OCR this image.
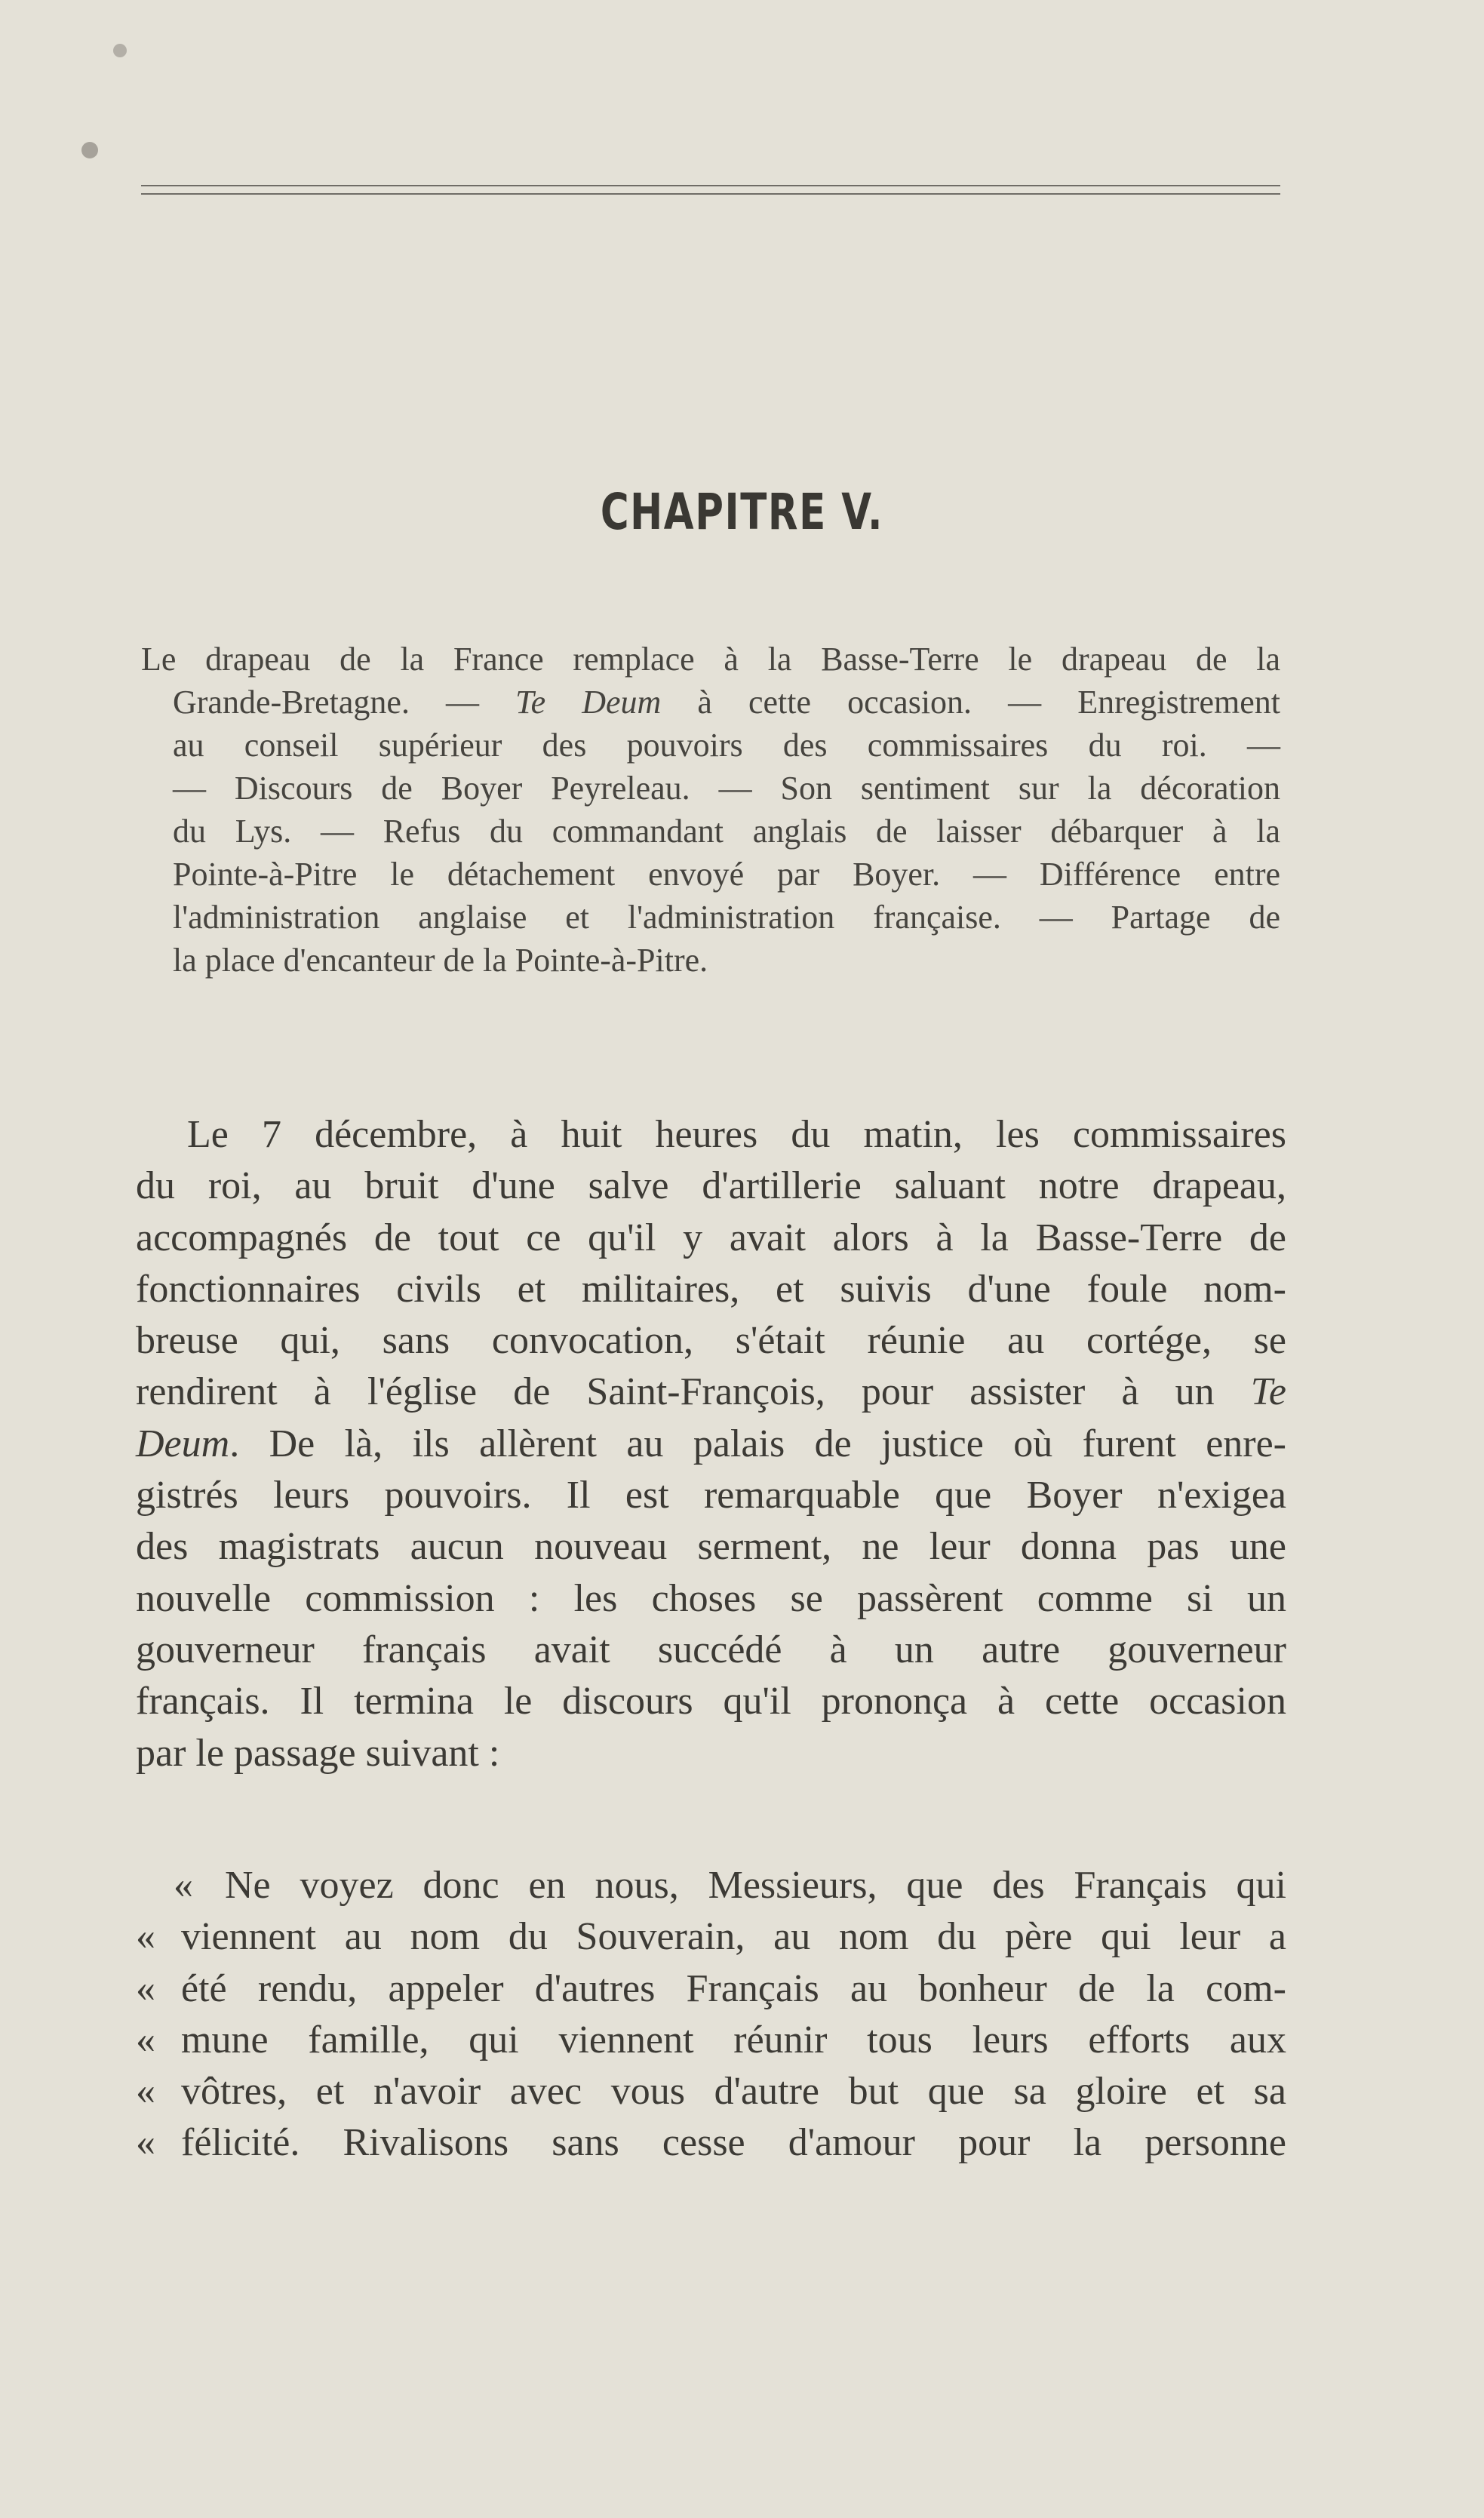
CHAPITRE V.
Le drapeau de la France remplace à la Basse-Terre le drapeau de la
Grande-Bretagne. — Te Deum à cette occasion. — Enregistrement
au conseil supérieur des pouvoirs des commissaires du roi. —
— Discours de Boyer Peyreleau. — Son sentiment sur la décoration
du Lys. — Refus du commandant anglais de laisser débarquer à la
Pointe-à-Pitre le détachement envoyé par Boyer. — Différence entre
l'administration anglaise et l'administration française. — Partage de
la place d'encanteur de la Pointe-à-Pitre.
Le 7 décembre, à huit heures du matin, les commissaires
du roi, au bruit d'une salve d'artillerie saluant notre drapeau,
accompagnés de tout ce qu'il y avait alors à la Basse-Terre de
fonctionnaires civils et militaires, et suivis d'une foule nom-
breuse qui, sans convocation, s'était réunie au cortége, se
rendirent à l'église de Saint-François, pour assister à un Te
Deum. De là, ils allèrent au palais de justice où furent enre-
gistrés leurs pouvoirs. Il est remarquable que Boyer n'exigea
des magistrats aucun nouveau serment, ne leur donna pas une
nouvelle commission : les choses se passèrent comme si un
gouverneur français avait succédé à un autre gouverneur
français. Il termina le discours qu'il prononça à cette occasion
par le passage suivant :
« Ne voyez donc en nous, Messieurs, que des Français qui
« viennent au nom du Souverain, au nom du père qui leur a
« été rendu, appeler d'autres Français au bonheur de la com-
« mune famille, qui viennent réunir tous leurs efforts aux
« vôtres, et n'avoir avec vous d'autre but que sa gloire et sa
« félicité. Rivalisons sans cesse d'amour pour la personne
